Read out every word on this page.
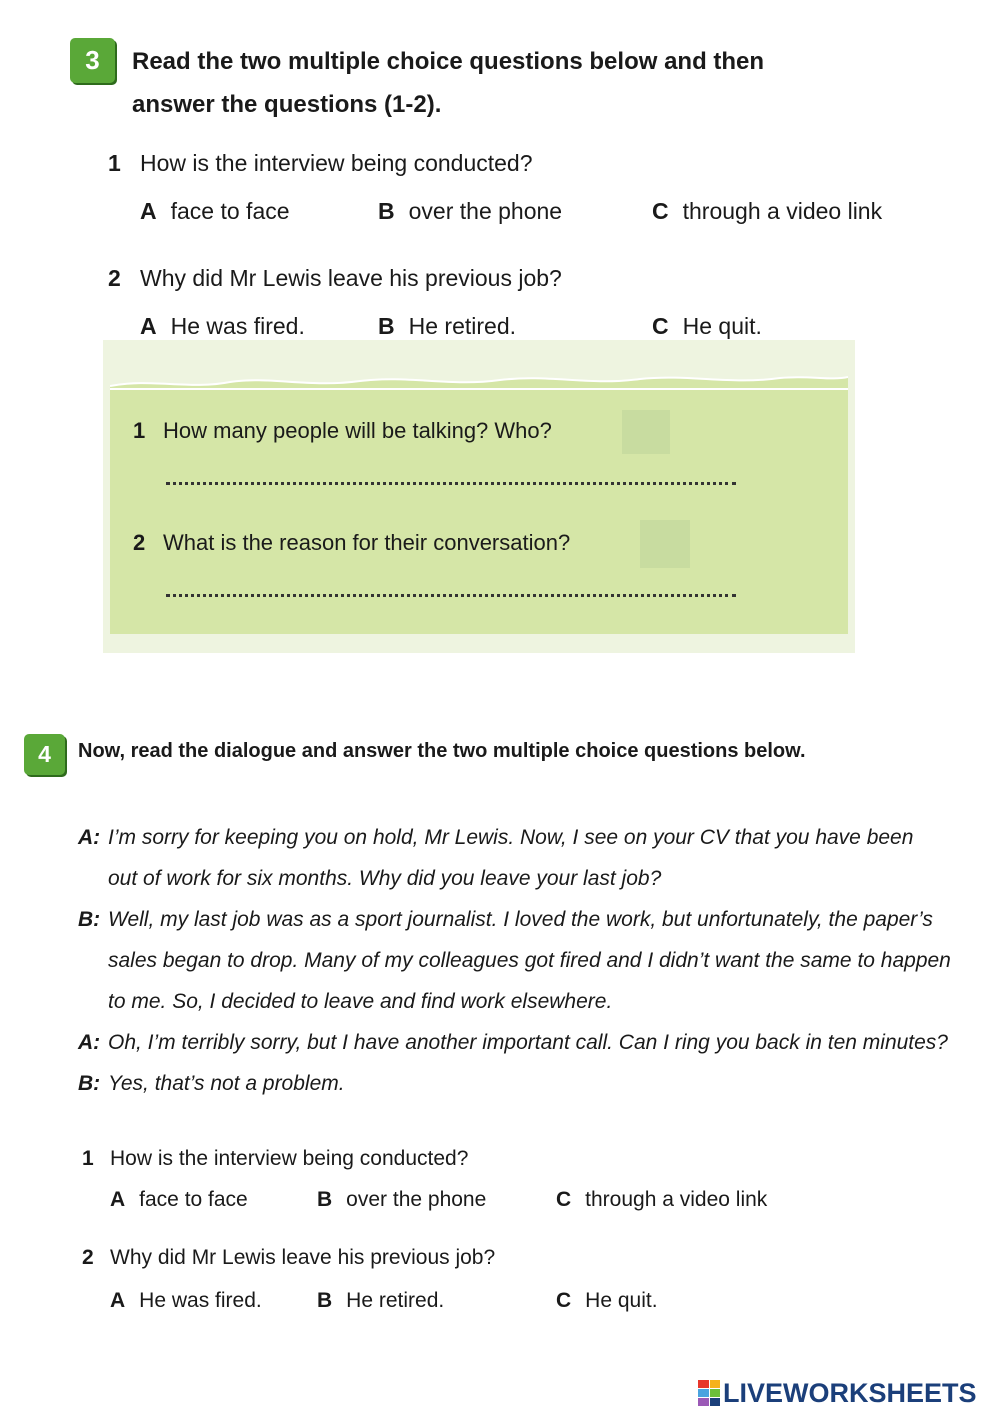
3	Read the two multiple choice questions below and then answer the questions (1-2).
1 How is the interview being conducted?
A face to face	B over the phone	C through a video link
2 Why did Mr Lewis leave his previous job?
A He was fired.	B He retired.	C He quit.
1 How many people will be talking? Who?
2 What is the reason for their conversation?
4	Now, read the dialogue and answer the two multiple choice questions below.
A: I’m sorry for keeping you on hold, Mr Lewis. Now, I see on your CV that you have been
out of work for six months. Why did you leave your last job?
B: Well, my last job was as a sport journalist. I loved the work, but unfortunately, the paper’s
sales began to drop. Many of my colleagues got fired and I didn’t want the same to happen
to me. So, I decided to leave and find work elsewhere.
A: Oh, I’m terribly sorry, but I have another important call. Can I ring you back in ten minutes?
B: Yes, that’s not a problem.
1 How is the interview being conducted?
A face to face	B over the phone	C through a video link
2 Why did Mr Lewis leave his previous job?
A He was fired.	B He retired.	C He quit.
LIVEWORKSHEETS
